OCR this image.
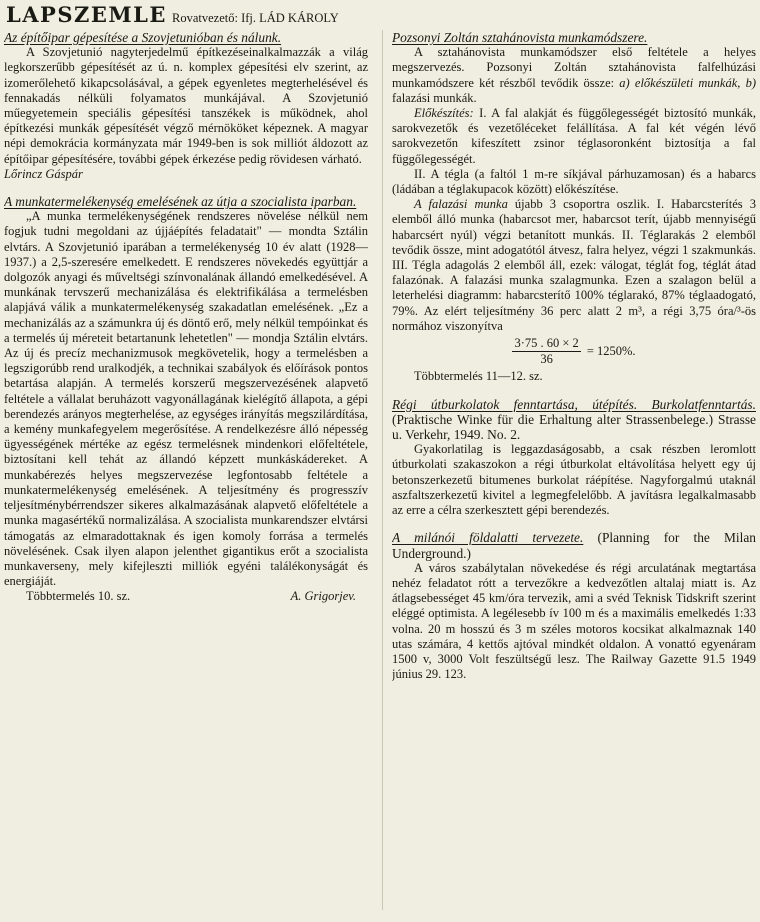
LAPSZEMLE Rovatvezető: Ifj. LÁD KÁROLY

Az építőipar gépesítése a Szovjetunióban és nálunk.

A Szovjetunió nagyterjedelmű építkezéseinalkalmazzák a világ legkorszerűbb gépesítését az ú. n. komplex gépesítési elv szerint, az izomerőlehető kikapcsolásával, a gépek egyenletes megterhelésével és fennakadás nélküli folyamatos munkájával. A Szovjetunió műegyetemein speciális gépesítési tanszékek is működnek, ahol építkezési munkák gépesítését végző mérnököket képeznek. A magyar népi demokrácia kormányzata már 1949-ben is sok milliót áldozott az építőipar gépesítésére, további gépek érkezése pedig rövidesen várható.

Lőrincz Gáspár

A munkatermelékenység emelésének az útja a szocialista iparban.

„A munka termelékenységének rendszeres növelése nélkül nem fogjuk tudni megoldani az újjáépítés feladatait" — mondta Sztálin elvtárs. A Szovjetunió iparában a termelékenység 10 év alatt (1928—1937.) a 2,5-szeresére emelkedett. E rendszeres növekedés együttjár a dolgozók anyagi és műveltségi színvonalának állandó emelkedésével. A munkának tervszerű mechanizálása és elektrifikálása a termelésben alapjává válik a munkatermelékenység szakadatlan emelésének. „Ez a mechanizálás az a számunkra új és döntő erő, mely nélkül tempóinkat és a termelés új méreteit betartanunk lehetetlen" — mondja Sztálin elvtárs. Az új és precíz mechanizmusok megkövetelik, hogy a termelésben a legszigorúbb rend uralkodjék, a technikai szabályok és előírások pontos betartása alapján. A termelés korszerű megszervezésének alapvető feltétele a vállalat beruházott vagyonállagának kielégítő állapota, a gépi berendezés arányos megterhelése, az egységes irányítás megszilárdítása, a kemény munkafegyelem megerősítése. A rendelkezésre álló népesség ügyességének mértéke az egész termelésnek mindenkori előfeltétele, biztosítani kell tehát az állandó képzett munkáskádereket. A munkabérezés helyes megszervezése legfontosabb feltétele a munkatermelékenység emelésének. A teljesítmény és progresszív teljesítménybérrendszer sikeres alkalmazásának alapvető előfeltétele a munka magasértékű normalizálása. A szocialista munkarendszer elvtársi támogatás az elmaradottaknak és igen komoly forrása a termelés növelésének. Csak ilyen alapon jelenthet gigantikus erőt a szocialista munkaverseny, mely kifejleszti milliók egyéni találékonyságát és energiáját.

Többtermelés 10. sz.	A. Grigorjev.

Pozsonyi Zoltán sztahánovista munkamódszere.

A sztahánovista munkamódszer első feltétele a helyes megszervezés. Pozsonyi Zoltán sztahánovista falfelhúzási munkamódszere két részből tevődik össze: a) előkészületi munkák, b) falazási munkák.

Előkészítés: I. A fal alakját és függőlegességét biztosító munkák, sarokvezetők és vezetőléceket felállítása. A fal két végén lévő sarokvezetőn kifeszített zsinor téglasoronként biztosítja a fal függőlegességét.

II. A tégla (a faltól 1 m-re síkjával párhuzamosan) és a habarcs (ládában a téglakupacok között) előkészítése.

A falazási munka újabb 3 csoportra oszlik. I. Habarcsterítés 3 elemből álló munka (habarcsot mer, habarcsot terít, újabb mennyiségű habarcsért nyúl) végzi betanított munkás. II. Téglarakás 2 elemből tevődik össze, mint adogatótól átvesz, falra helyez, végzi 1 szakmunkás. III. Tégla adagolás 2 elemből áll, ezek: válogat, téglát fog, téglát átad falazónak. A falazási munka szalagmunka. Ezen a szalagon belül a leterhelési diagramm: habarcsterítő 100% téglarakó, 87% téglaadogató, 79%. Az elért teljesítmény 36 perc alatt 2 m³, a régi 3,75 óra/³-ös normához viszonyítva

$\frac{3\cdot 75 . 60 \times 2}{36} = 1250\%$.

Többtermelés 11—12. sz.

Régi útburkolatok fenntartása, útépítés. Burkolatfenntartás. (Praktische Winke für die Erhaltung alter Strassenbelege.) Strasse u. Verkehr, 1949. No. 2.

Gyakorlatilag is leggazdaságosabb, a csak részben leromlott útburkolati szakaszokon a régi útburkolat eltávolítása helyett egy új betonszerkezetű bitumenes burkolat ráépítése. Nagyforgalmú utaknál aszfaltszerkezetű kivitel a legmegfelelőbb. A javításra legalkalmasabb az erre a célra szerkesztett gépi berendezés.

A milánói földalatti tervezete. (Planning for the Milan Underground.)

A város szabálytalan növekedése és régi arculatának megtartása nehéz feladatot rótt a tervezőkre a kedvezőtlen altalaj miatt is. Az átlagsebességet 45 km/óra tervezik, ami a svéd Teknisk Tidskrift szerint eléggé optimista. A legélesebb ív 100 m és a maximális emelkedés 1:33 volna. 20 m hosszú és 3 m széles motoros kocsikat alkalmaznak 140 utas számára, 4 kettős ajtóval mindkét oldalon. A vonattó egyenáram 1500 v, 3000 Volt feszültségű lesz. The Railway Gazette 91.5 1949 június 29. 123.
